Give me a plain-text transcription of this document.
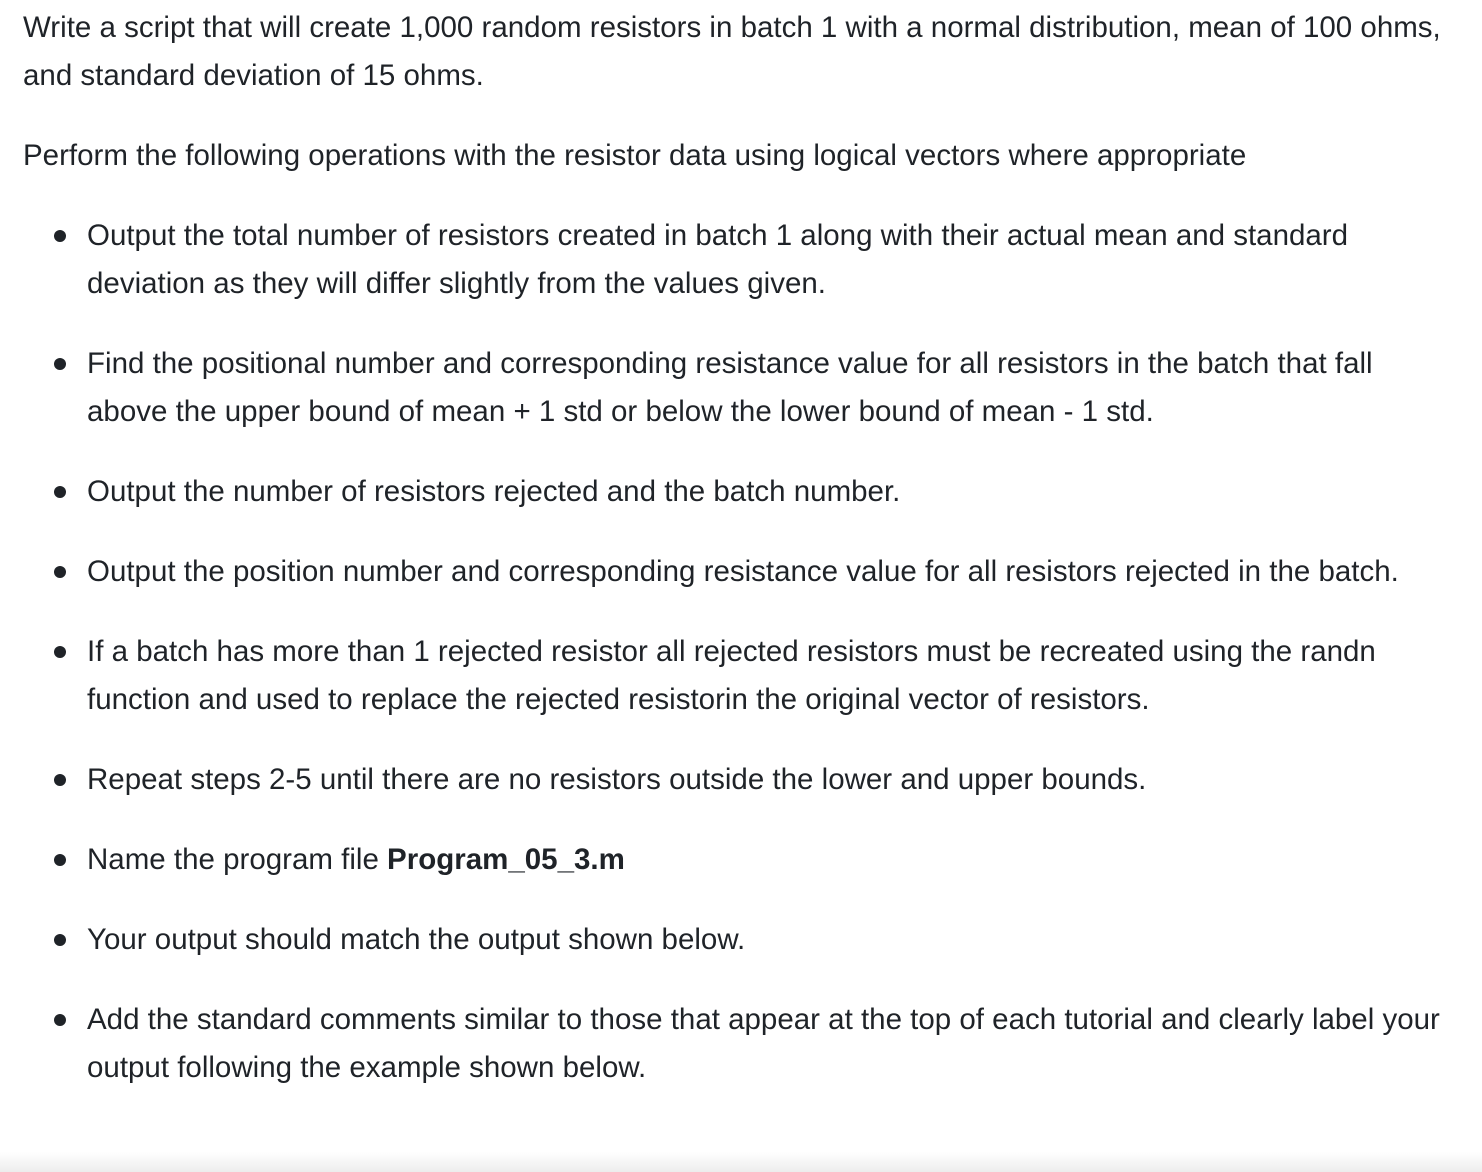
Write a script that will create 1,000 random resistors in batch 1 with a normal distribution, mean of 100 ohms, and standard deviation of 15 ohms.

Perform the following operations with the resistor data using logical vectors where appropriate

Output the total number of resistors created in batch 1 along with their actual mean and standard deviation as they will differ slightly from the values given.
Find the positional number and corresponding resistance value for all resistors in the batch that fall above the upper bound of mean + 1 std or below the lower bound of mean - 1 std.
Output the number of resistors rejected and the batch number.
Output the position number and corresponding resistance value for all resistors rejected in the batch.
If a batch has more than 1 rejected resistor all rejected resistors must be recreated using the randn function and used to replace the rejected resistorin the original vector of resistors.
Repeat steps 2-5 until there are no resistors outside the lower and upper bounds.
Name the program file Program_05_3.m
Your output should match the output shown below.
Add the standard comments similar to those that appear at the top of each tutorial and clearly label your output following the example shown below.
